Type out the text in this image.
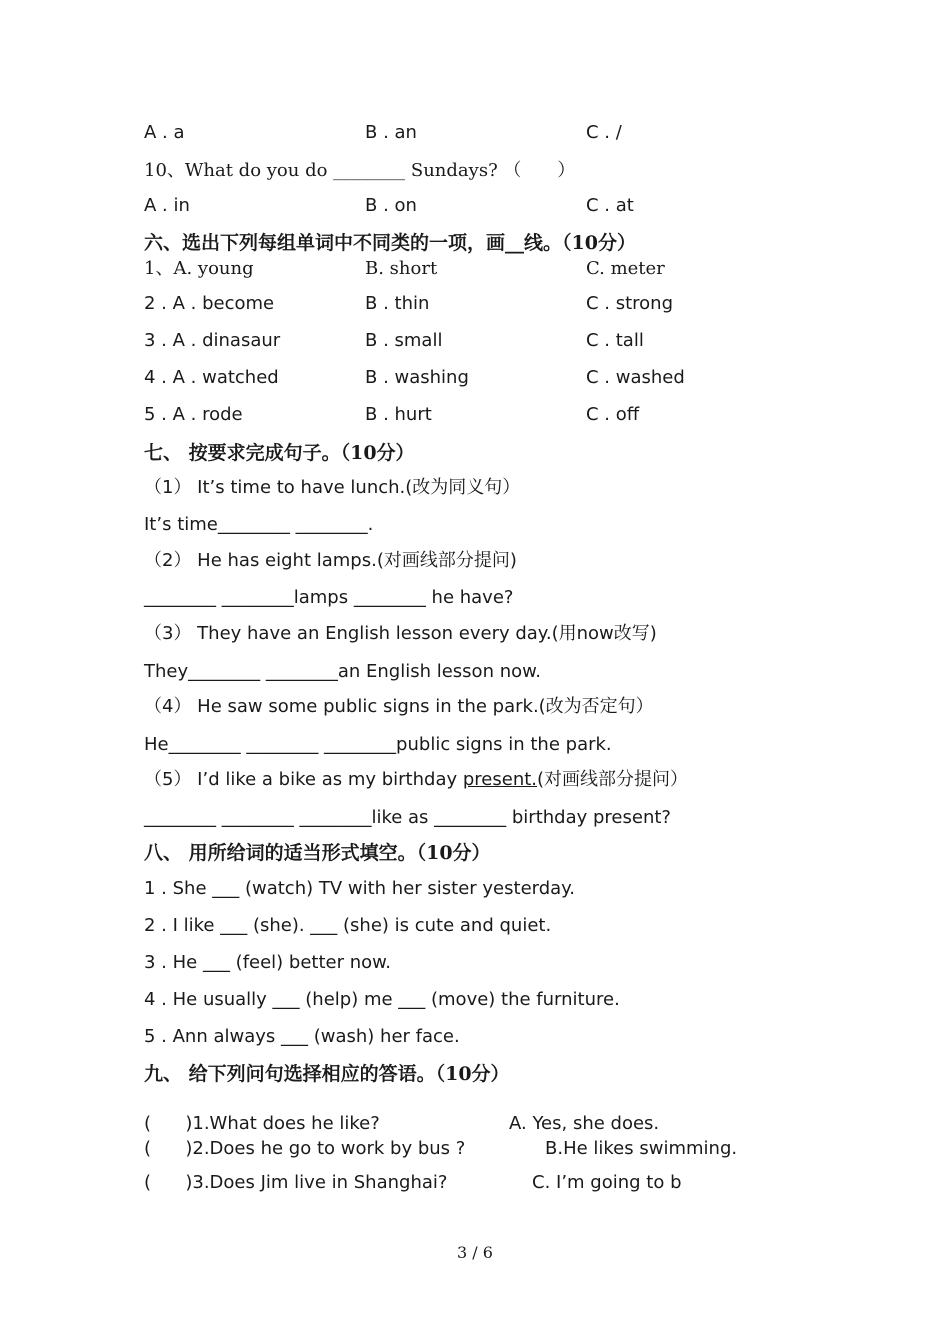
A . a	B . an	C . /
10、What do you do ________ Sundays? （　　）
A . in	B . on	C . at
六、选出下列每组单词中不同类的一项，画__线。（10分）
1、A. young	B. short	C. meter
2 . A . become	B . thin	C . strong
3 . A . dinasaur	B . small	C . tall
4 . A . watched	B . washing	C . washed
5 . A . rode	B . hurt	C . off
七、 按要求完成句子。（10分）
（1） It’s time to have lunch.(改为同义句）
It’s time________ ________.
（2） He has eight lamps.(对画线部分提问)
________ ________lamps ________ he have?
（3） They have an English lesson every day.(用now改写)
They________ ________an English lesson now.
（4） He saw some public signs in the park.(改为否定句）
He________ ________ ________public signs in the park.
（5） I’d like a bike as my birthday present.(对画线部分提问）
________ ________ ________like as ________ birthday present?
八、 用所给词的适当形式填空。（10分）
1 . She ___ (watch) TV with her sister yesterday.
2 . I like ___ (she). ___ (she) is cute and quiet.
3 . He ___ (feel) better now.
4 . He usually ___ (help) me ___ (move) the furniture.
5 . Ann always ___ (wash) her face.
九、 给下列问句选择相应的答语。（10分）
(      )1.What does he like?	A. Yes, she does.
(      )2.Does he go to work by bus ?	B.He likes swimming.
(      )3.Does Jim live in Shanghai?	C. I’m going to b
3 / 6
